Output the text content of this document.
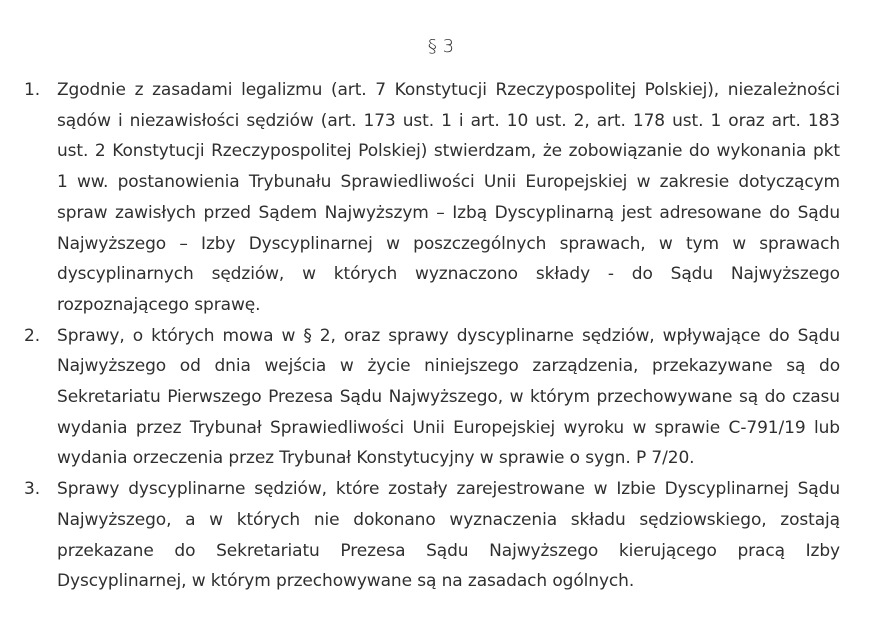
§ 3
1. Zgodnie z zasadami legalizmu (art. 7 Konstytucji Rzeczypospolitej Polskiej), niezależności sądów i niezawisłości sędziów (art. 173 ust. 1 i art. 10 ust. 2, art. 178 ust. 1 oraz art. 183 ust. 2 Konstytucji Rzeczypospolitej Polskiej) stwierdzam, że zobowiązanie do wykonania pkt 1 ww. postanowienia Trybunału Sprawiedliwości Unii Europejskiej w zakresie dotyczącym spraw zawisłych przed Sądem Najwyższym – Izbą Dyscyplinarną jest adresowane do Sądu Najwyższego – Izby Dyscyplinarnej w poszczególnych sprawach, w tym w sprawach dyscyplinarnych sędziów, w których wyznaczono składy - do Sądu Najwyższego rozpoznającego sprawę.
2. Sprawy, o których mowa w § 2, oraz sprawy dyscyplinarne sędziów, wpływające do Sądu Najwyższego od dnia wejścia w życie niniejszego zarządzenia, przekazywane są do Sekretariatu Pierwszego Prezesa Sądu Najwyższego, w którym przechowywane są do czasu wydania przez Trybunał Sprawiedliwości Unii Europejskiej wyroku w sprawie C-791/19 lub wydania orzeczenia przez Trybunał Konstytucyjny w sprawie o sygn. P 7/20.
3. Sprawy dyscyplinarne sędziów, które zostały zarejestrowane w Izbie Dyscyplinarnej Sądu Najwyższego, a w których nie dokonano wyznaczenia składu sędziowskiego, zostają przekazane do Sekretariatu Prezesa Sądu Najwyższego kierującego pracą Izby Dyscyplinarnej, w którym przechowywane są na zasadach ogólnych.
